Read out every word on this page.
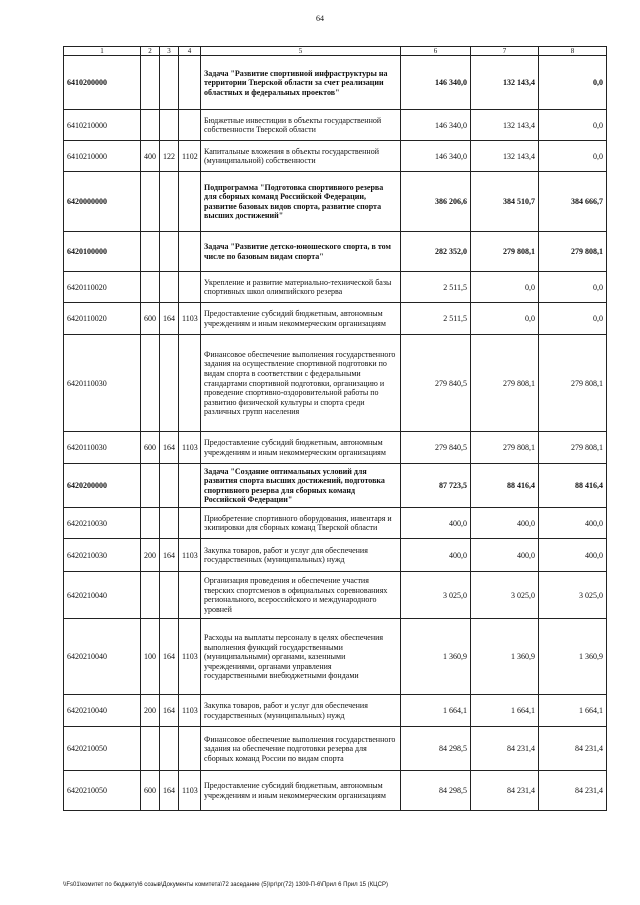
64
1	2	3	4	5	6	7	8
6410200000				Задача "Развитие спортивной инфраструктуры на территории Тверской области за счет реализации областных и федеральных проектов"	146 340,0	132 143,4	0,0
6410210000				Бюджетные инвестиции в объекты государственной собственности Тверской области	146 340,0	132 143,4	0,0
6410210000	400	122	1102	Капитальные вложения в объекты государственной (муниципальной) собственности	146 340,0	132 143,4	0,0
6420000000				Подпрограмма "Подготовка спортивного резерва для сборных команд Российской Федерации, развитие базовых видов спорта, развитие спорта высших достижений"	386 206,6	384 510,7	384 666,7
6420100000				Задача "Развитие детско-юношеского спорта, в том числе по базовым видам спорта"	282 352,0	279 808,1	279 808,1
6420110020				Укрепление и развитие материально-технической базы спортивных школ олимпийского резерва	2 511,5	0,0	0,0
6420110020	600	164	1103	Предоставление субсидий бюджетным, автономным учреждениям и иным некоммерческим организациям	2 511,5	0,0	0,0
6420110030				Финансовое обеспечение выполнения государственного задания на осуществление спортивной подготовки по видам спорта в соответствии с федеральными стандартами спортивной подготовки, организацию и проведение спортивно-оздоровительной работы по развитию физической культуры и спорта среди различных групп населения	279 840,5	279 808,1	279 808,1
6420110030	600	164	1103	Предоставление субсидий бюджетным, автономным учреждениям и иным некоммерческим организациям	279 840,5	279 808,1	279 808,1
6420200000				Задача "Создание оптимальных условий для развития спорта высших достижений, подготовка спортивного резерва для сборных команд Российской Федерации"	87 723,5	88 416,4	88 416,4
6420210030				Приобретение спортивного оборудования, инвентаря и экипировки для сборных команд Тверской области	400,0	400,0	400,0
6420210030	200	164	1103	Закупка товаров, работ и услуг для обеспечения государственных (муниципальных) нужд	400,0	400,0	400,0
6420210040				Организация проведения и обеспечение участия тверских спортсменов в официальных соревнованиях регионального, всероссийского и международного уровней	3 025,0	3 025,0	3 025,0
6420210040	100	164	1103	Расходы на выплаты персоналу в целях обеспечения выполнения функций государственными (муниципальными) органами, казенными учреждениями, органами управления государственными внебюджетными фондами	1 360,9	1 360,9	1 360,9
6420210040	200	164	1103	Закупка товаров, работ и услуг для обеспечения государственных (муниципальных) нужд	1 664,1	1 664,1	1 664,1
6420210050				Финансовое обеспечение выполнения государственного задания на обеспечение подготовки резерва для сборных команд России по видам спорта	84 298,5	84 231,4	84 231,4
6420210050	600	164	1103	Предоставление субсидий бюджетным, автономным учреждениям и иным некоммерческим организациям	84 298,5	84 231,4	84 231,4
\\Fs01\комитет по бюджету\6 созыв\Документы комитета\72 заседание (5)\рг\рг(72) 1309-П-6\Прил 6 Прил 15 (КЦСР)
